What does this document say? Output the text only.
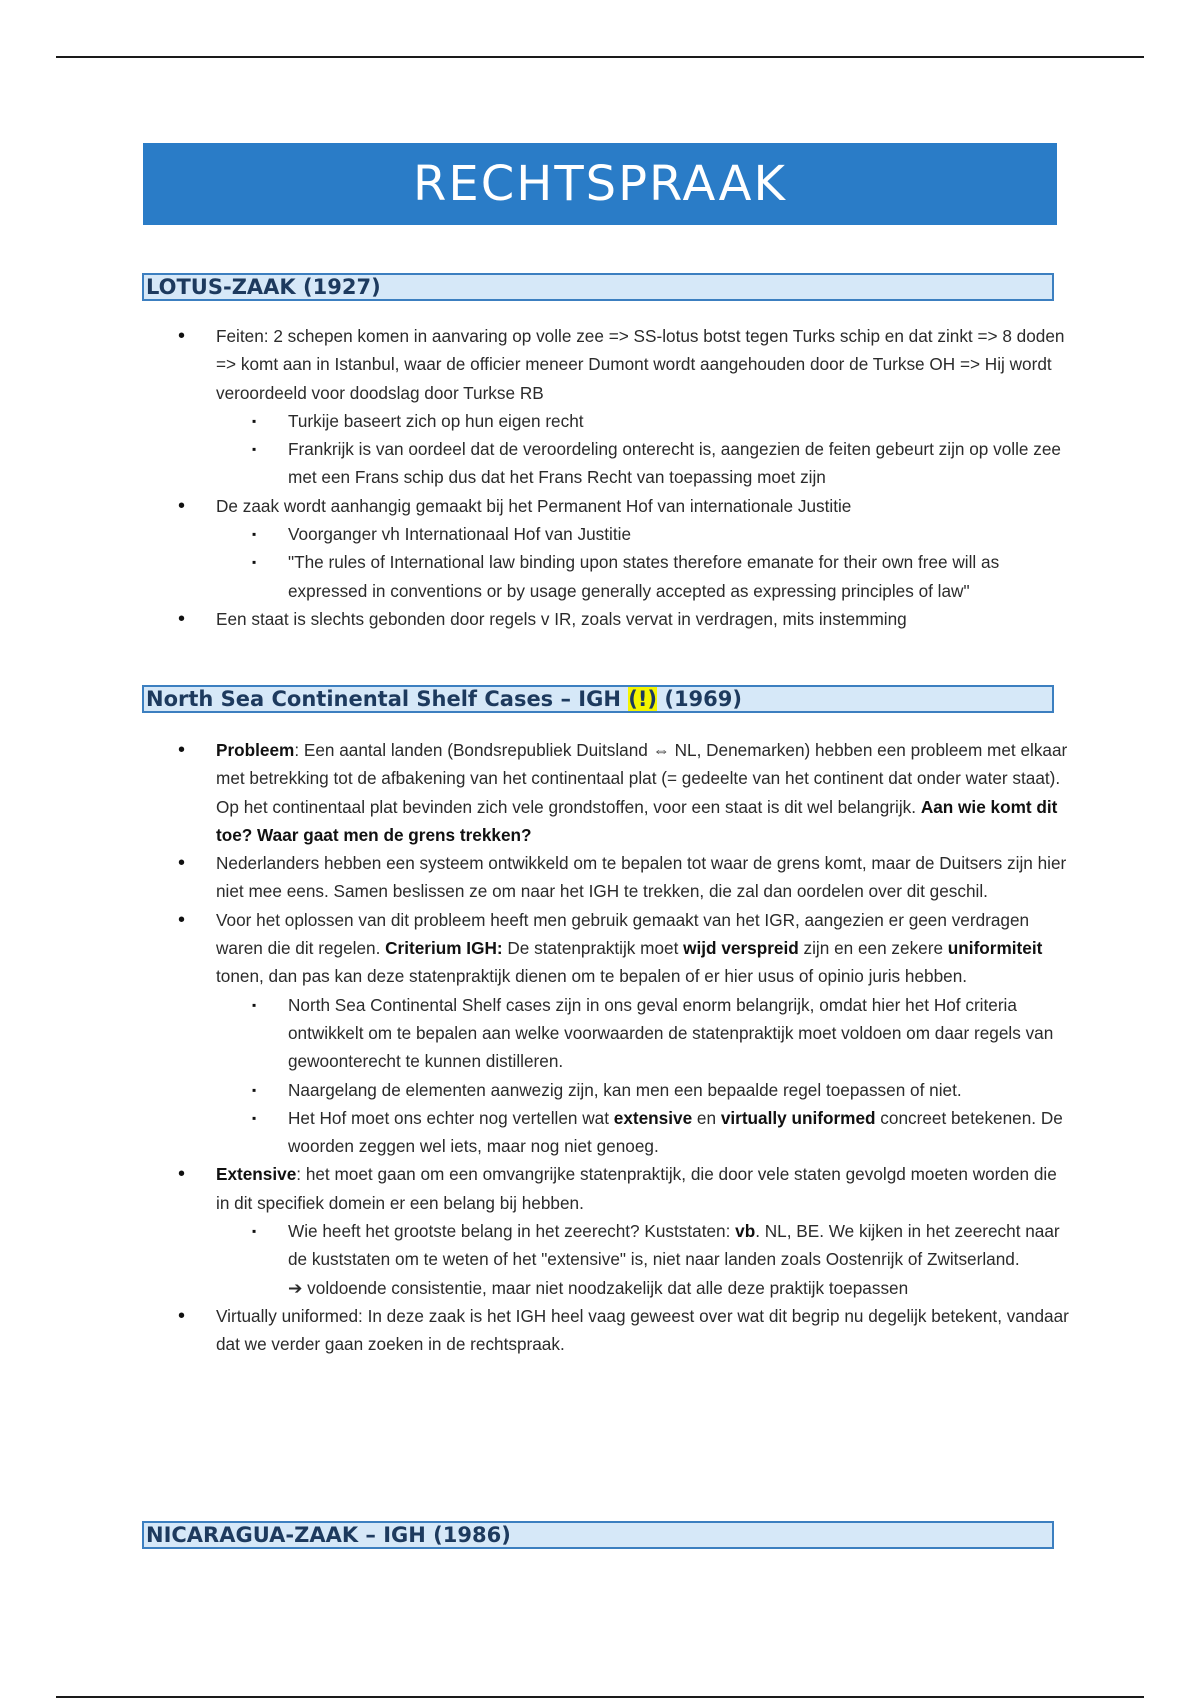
RECHTSPRAAK
LOTUS-ZAAK (1927)
• Feiten: 2 schepen komen in aanvaring op volle zee => SS-lotus botst tegen Turks schip en dat zinkt => 8 doden => komt aan in Istanbul, waar de officier meneer Dumont wordt aangehouden door de Turkse OH => Hij wordt veroordeeld voor doodslag door Turkse RB
▪ Turkije baseert zich op hun eigen recht
▪ Frankrijk is van oordeel dat de veroordeling onterecht is, aangezien de feiten gebeurt zijn op volle zee met een Frans schip dus dat het Frans Recht van toepassing moet zijn
• De zaak wordt aanhangig gemaakt bij het Permanent Hof van internationale Justitie
▪ Voorganger vh Internationaal Hof van Justitie
▪ "The rules of International law binding upon states therefore emanate for their own free will as expressed in conventions or by usage generally accepted as expressing principles of law"
• Een staat is slechts gebonden door regels v IR, zoals vervat in verdragen, mits instemming
North Sea Continental Shelf Cases – IGH (!) (1969)
• Probleem: Een aantal landen (Bondsrepubliek Duitsland ⇔ NL, Denemarken) hebben een probleem met elkaar met betrekking tot de afbakening van het continentaal plat (= gedeelte van het continent dat onder water staat). Op het continentaal plat bevinden zich vele grondstoffen, voor een staat is dit wel belangrijk. Aan wie komt dit toe? Waar gaat men de grens trekken?
• Nederlanders hebben een systeem ontwikkeld om te bepalen tot waar de grens komt, maar de Duitsers zijn hier niet mee eens. Samen beslissen ze om naar het IGH te trekken, die zal dan oordelen over dit geschil.
• Voor het oplossen van dit probleem heeft men gebruik gemaakt van het IGR, aangezien er geen verdragen waren die dit regelen. Criterium IGH: De statenpraktijk moet wijd verspreid zijn en een zekere uniformiteit tonen, dan pas kan deze statenpraktijk dienen om te bepalen of er hier usus of opinio juris hebben.
▪ North Sea Continental Shelf cases zijn in ons geval enorm belangrijk, omdat hier het Hof criteria ontwikkelt om te bepalen aan welke voorwaarden de statenpraktijk moet voldoen om daar regels van gewoonterecht te kunnen distilleren.
▪ Naargelang de elementen aanwezig zijn, kan men een bepaalde regel toepassen of niet.
▪ Het Hof moet ons echter nog vertellen wat extensive en virtually uniformed concreet betekenen. De woorden zeggen wel iets, maar nog niet genoeg.
• Extensive: het moet gaan om een omvangrijke statenpraktijk, die door vele staten gevolgd moeten worden die in dit specifiek domein er een belang bij hebben.
▪ Wie heeft het grootste belang in het zeerecht? Kuststaten: vb. NL, BE. We kijken in het zeerecht naar de kuststaten om te weten of het "extensive" is, niet naar landen zoals Oostenrijk of Zwitserland.
➔ voldoende consistentie, maar niet noodzakelijk dat alle deze praktijk toepassen
• Virtually uniformed: In deze zaak is het IGH heel vaag geweest over wat dit begrip nu degelijk betekent, vandaar dat we verder gaan zoeken in de rechtspraak.
NICARAGUA-ZAAK – IGH (1986)
